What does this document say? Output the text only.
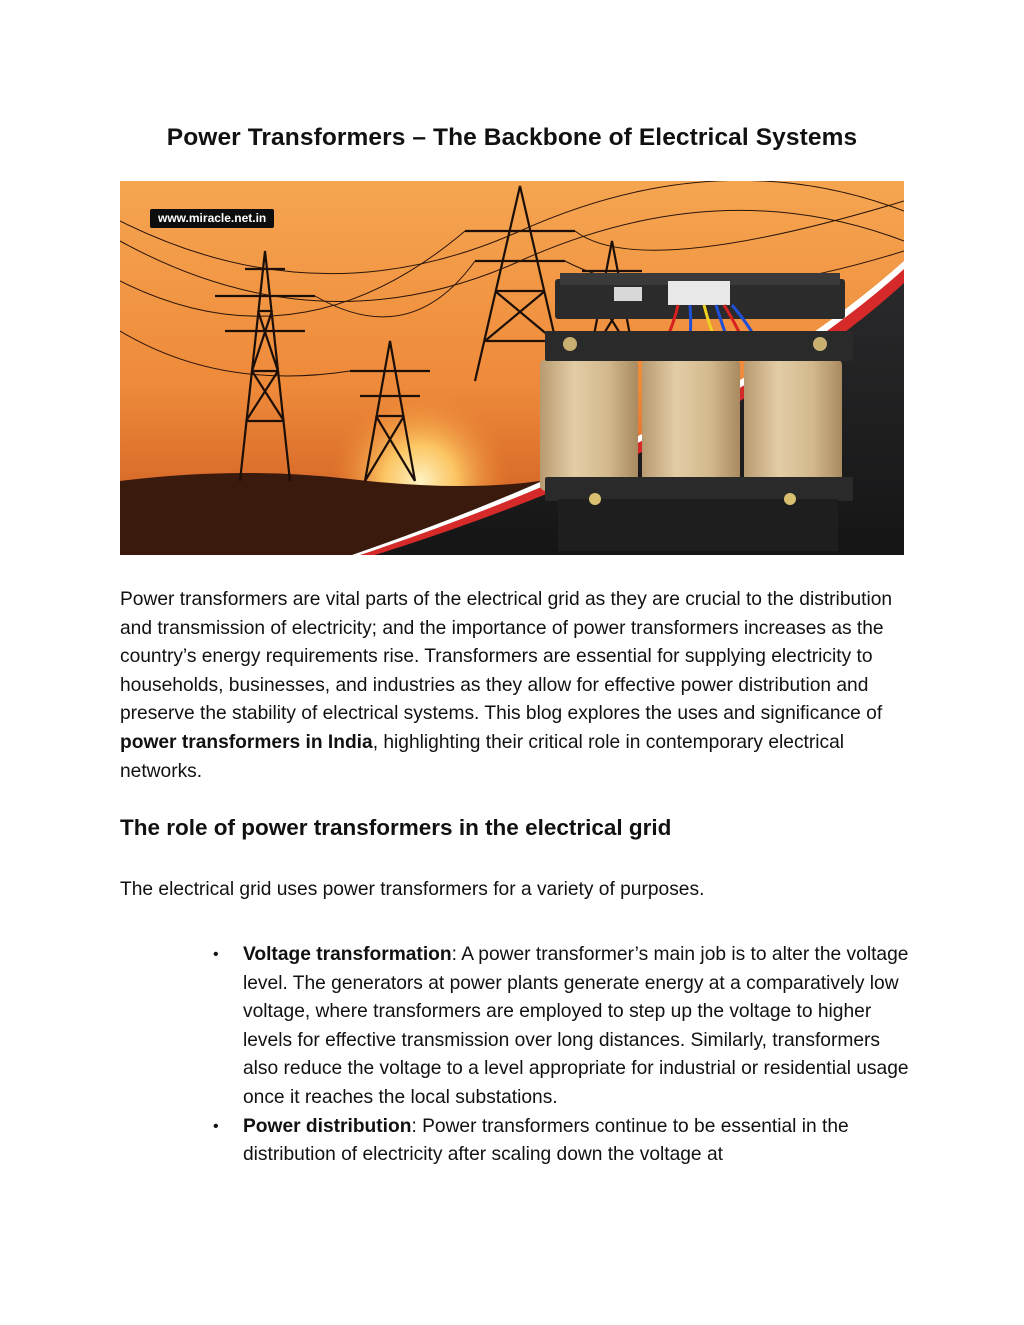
Power Transformers – The Backbone of Electrical Systems
www.miracle.net.in

Power transformers are vital parts of the electrical grid as they are crucial to the distribution and transmission of electricity; and the importance of power transformers increases as the country’s energy requirements rise. Transformers are essential for supplying electricity to households, businesses, and industries as they allow for effective power distribution and preserve the stability of electrical systems. This blog explores the uses and significance of power transformers in India, highlighting their critical role in contemporary electrical networks.

The role of power transformers in the electrical grid

The electrical grid uses power transformers for a variety of purposes.

• Voltage transformation: A power transformer’s main job is to alter the voltage level. The generators at power plants generate energy at a comparatively low voltage, where transformers are employed to step up the voltage to higher levels for effective transmission over long distances. Similarly, transformers also reduce the voltage to a level appropriate for industrial or residential usage once it reaches the local substations.
• Power distribution: Power transformers continue to be essential in the distribution of electricity after scaling down the voltage at
